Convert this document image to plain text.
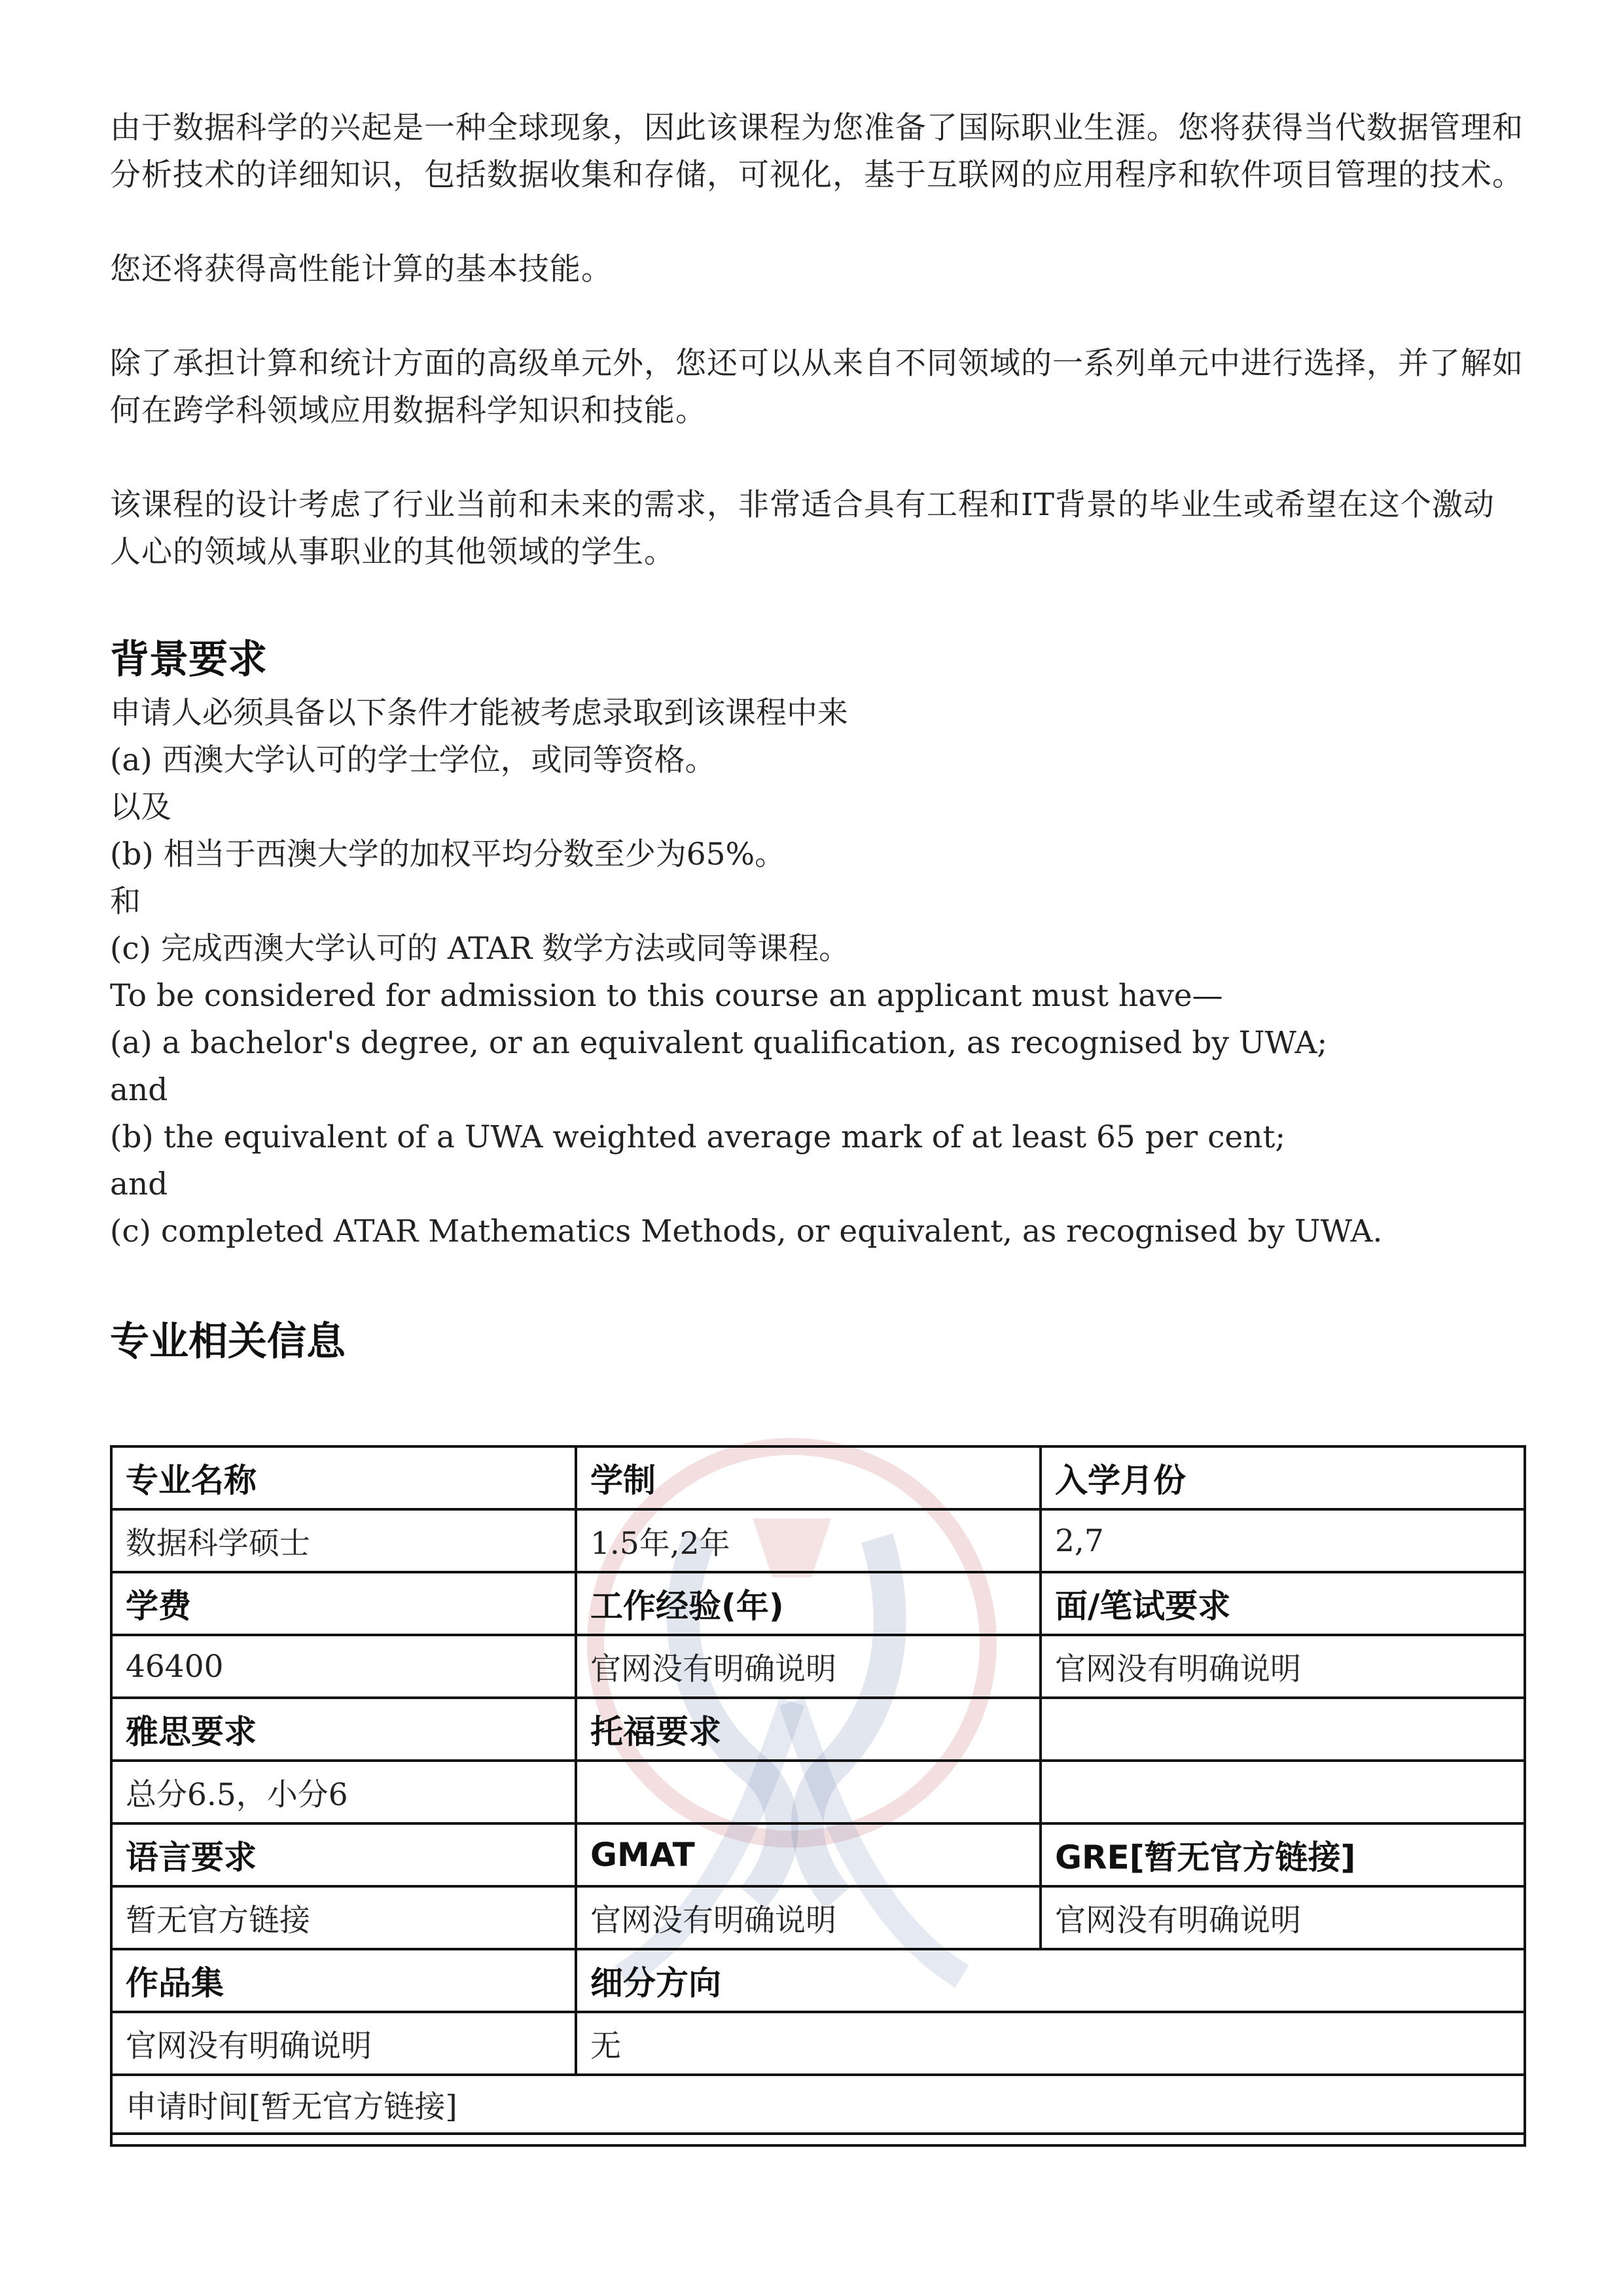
由于数据科学的兴起是一种全球现象，因此该课程为您准备了国际职业生涯。您将获得当代数据管理和分析技术的详细知识，包括数据收集和存储，可视化，基于互联网的应用程序和软件项目管理的技术。

您还将获得高性能计算的基本技能。

除了承担计算和统计方面的高级单元外，您还可以从来自不同领域的一系列单元中进行选择，并了解如何在跨学科领域应用数据科学知识和技能。

该课程的设计考虑了行业当前和未来的需求，非常适合具有工程和IT背景的毕业生或希望在这个激动人心的领域从事职业的其他领域的学生。

背景要求

申请人必须具备以下条件才能被考虑录取到该课程中来

(a) 西澳大学认可的学士学位，或同等资格。

以及

(b) 相当于西澳大学的加权平均分数至少为65%。

和

(c) 完成西澳大学认可的 ATAR 数学方法或同等课程。

To be considered for admission to this course an applicant must have—

(a) a bachelor's degree, or an equivalent qualification, as recognised by UWA;

and

(b) the equivalent of a UWA weighted average mark of at least 65 per cent;

and

(c) completed ATAR Mathematics Methods, or equivalent, as recognised by UWA.

专业相关信息
专业名称	学制	入学月份
数据科学硕士	1.5年,2年	2,7
学费	工作经验(年)	面/笔试要求
46400	官网没有明确说明	官网没有明确说明
雅思要求	托福要求	
总分6.5，小分6		
语言要求	GMAT	GRE[暂无官方链接]
暂无官方链接	官网没有明确说明	官网没有明确说明
作品集	细分方向	
官网没有明确说明	无	
申请时间[暂无官方链接]		
